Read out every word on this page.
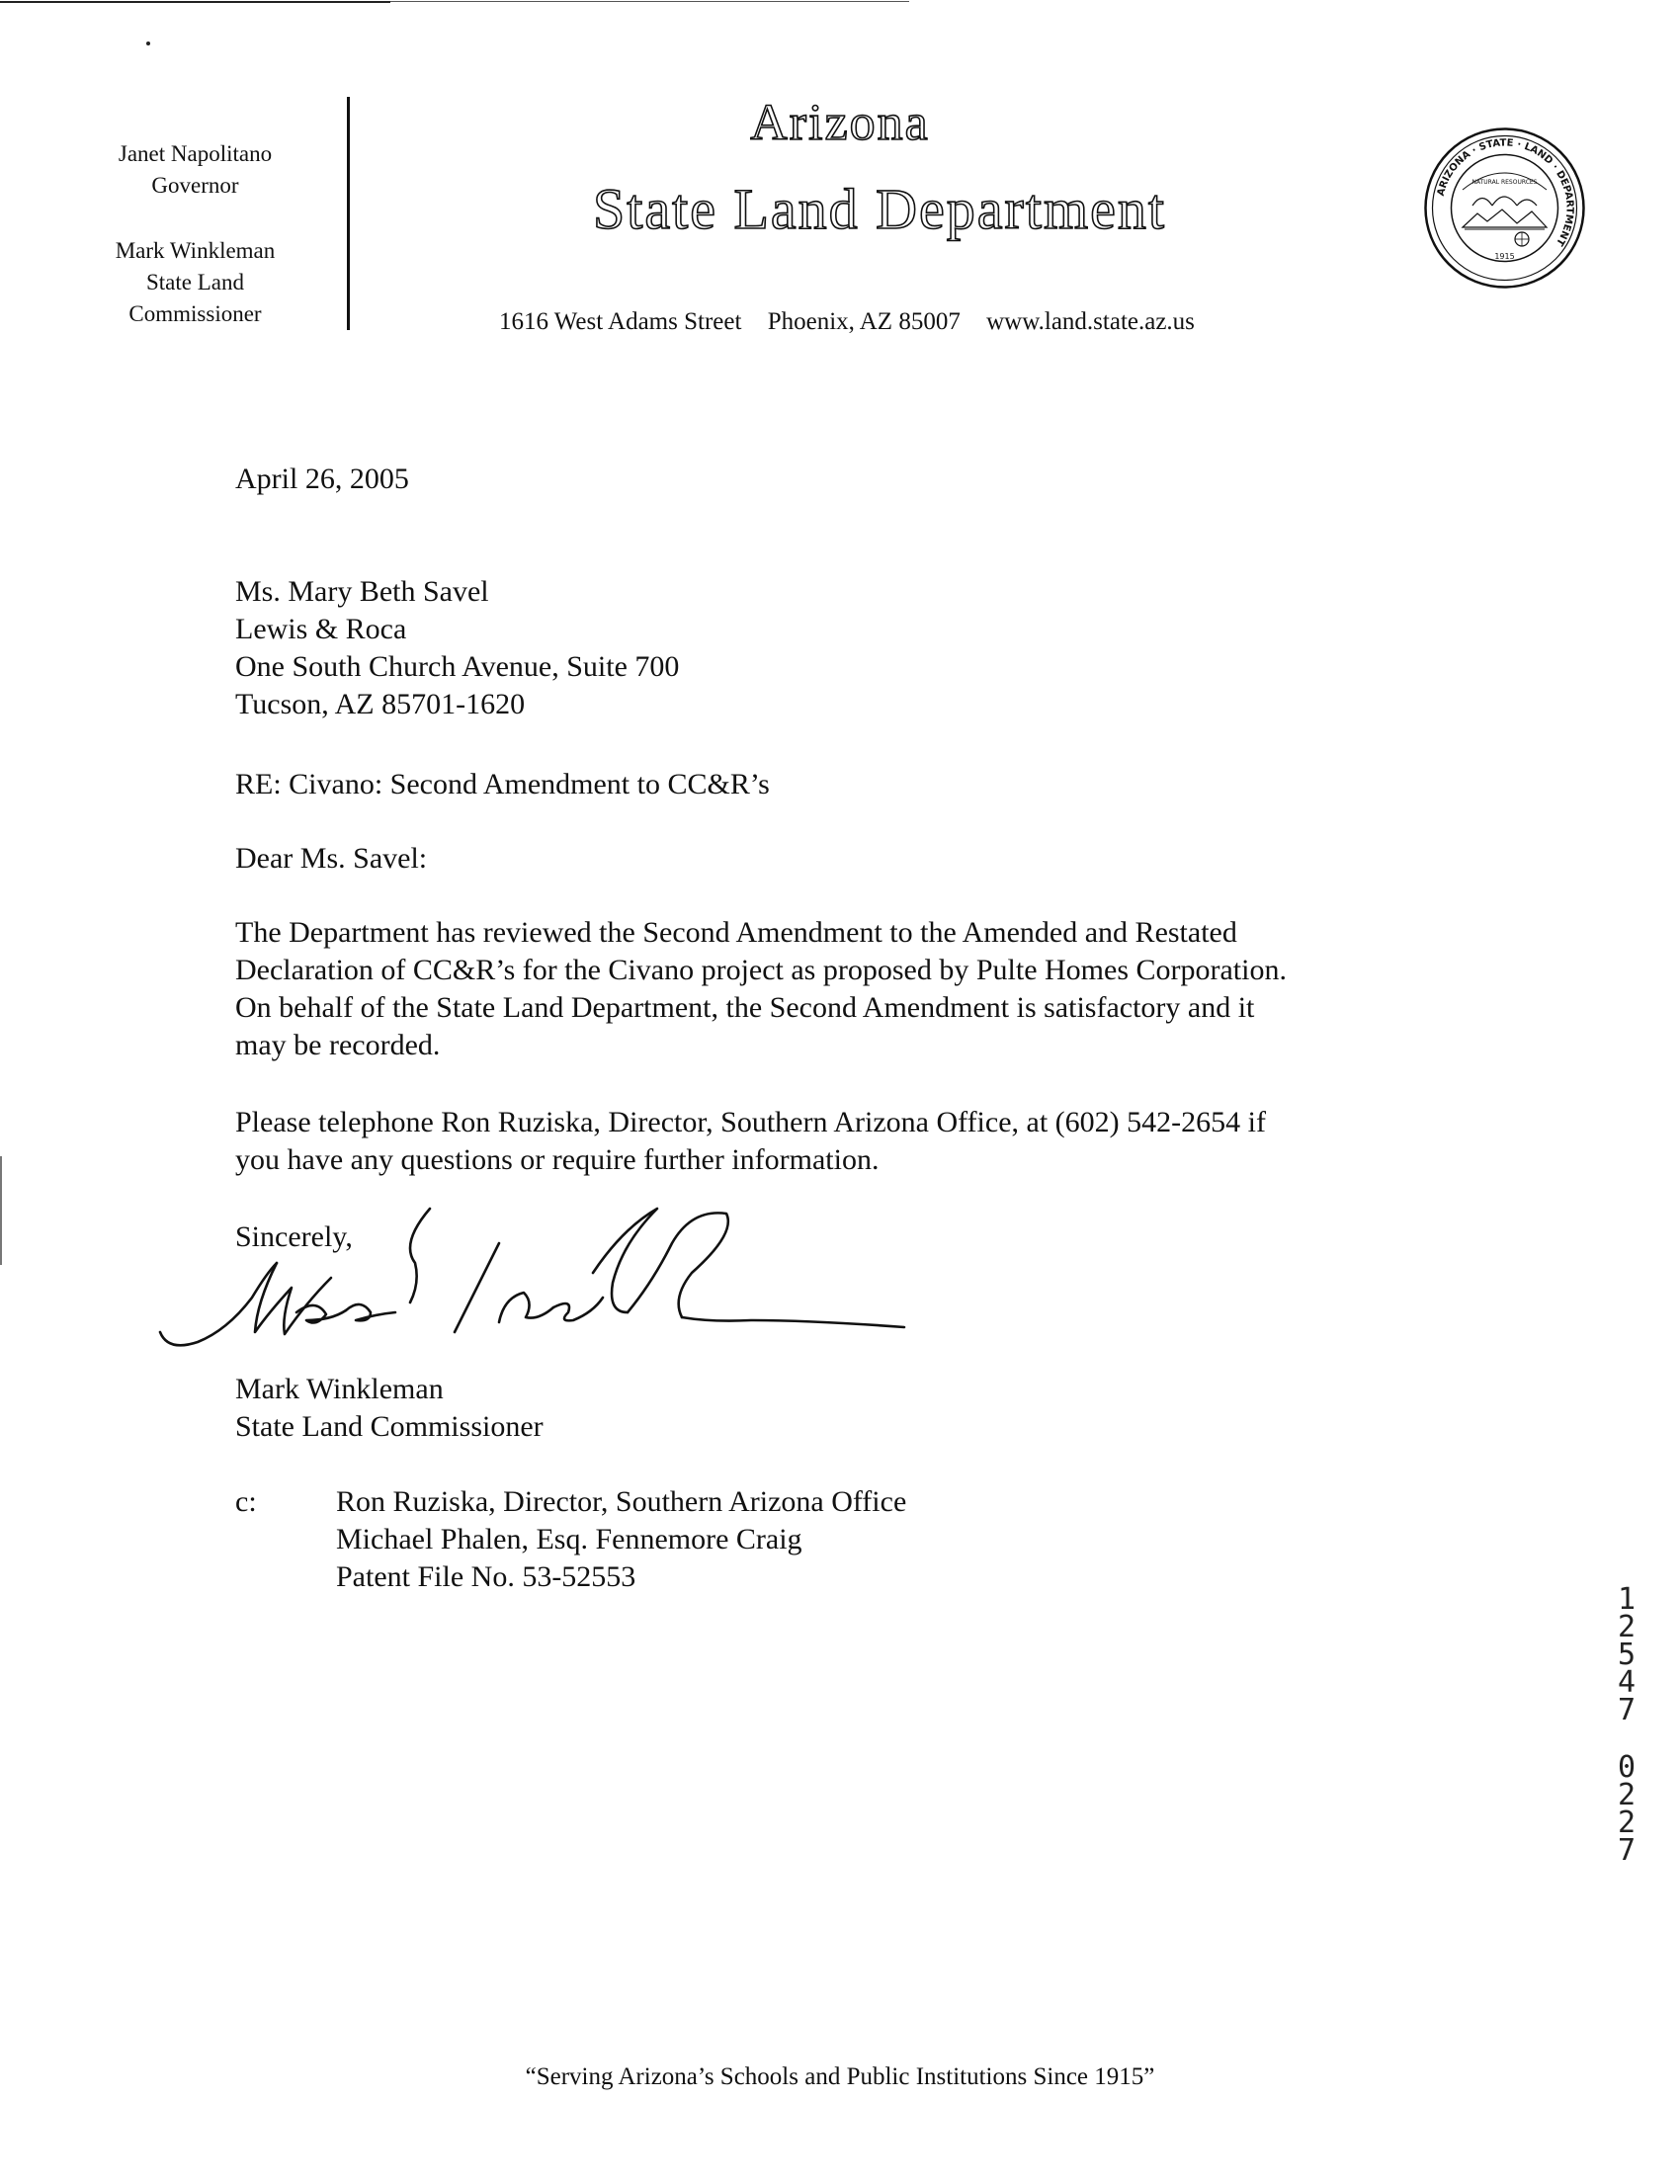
Janet Napolitano
Governor
Mark Winkleman
State Land
Commissioner
Arizona
State Land Department
1616 West Adams Street Phoenix, AZ 85007 www.land.state.az.us
ARIZONA · STATE · LAND · DEPARTMENT
NATURAL RESOURCES
1915
April 26, 2005
Ms. Mary Beth Savel
Lewis & Roca
One South Church Avenue, Suite 700
Tucson, AZ 85701-1620
RE: Civano: Second Amendment to CC&R’s
Dear Ms. Savel:
The Department has reviewed the Second Amendment to the Amended and Restated
Declaration of CC&R’s for the Civano project as proposed by Pulte Homes Corporation.
On behalf of the State Land Department, the Second Amendment is satisfactory and it
may be recorded.
Please telephone Ron Ruziska, Director, Southern Arizona Office, at (602) 542-2654 if
you have any questions or require further information.
Sincerely,
Mark Winkleman
State Land Commissioner
c:	Ron Ruziska, Director, Southern Arizona Office
Michael Phalen, Esq. Fennemore Craig
Patent File No. 53-52553
1
2
5
4
7
0
2
2
7
“Serving Arizona’s Schools and Public Institutions Since 1915”
